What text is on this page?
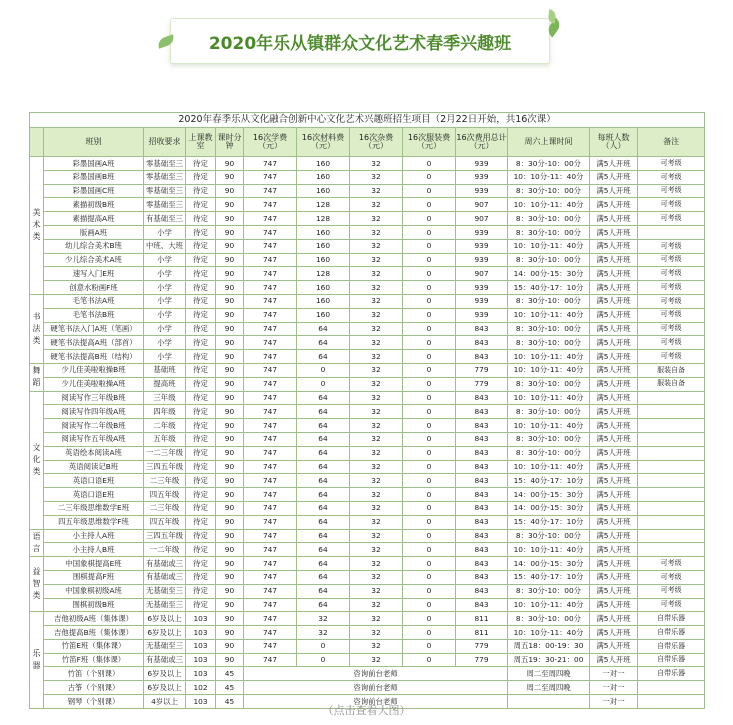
2020年乐从镇群众文化艺术春季兴趣班
2020年春季乐从文化融合创新中心文化艺术兴趣班招生项目（2月22日开始，共16次课）												
	班别	招收要求	上课教室	课时分钟	16次学费（元）	16次材料费（元）	16次杂费（元）	16次服装费（元）	16次费用总计（元）	周六上课时间	每班人数（人）	备注
美术类	彩墨国画A班	零基础至三	待定	90	747	160	32	0	939	8：30分-10：00分	满5人开班	可考级
	彩墨国画B班	零基础至三	待定	90	747	160	32	0	939	10：10分-11：40分	满5人开班	可考级
	彩墨国画C班	零基础至三	待定	90	747	160	32	0	939	8：30分-10：00分	满5人开班	可考级
	素描初级B班	零基础至三	待定	90	747	128	32	0	907	10：10分-11：40分	满5人开班	可考级
	素描提高A班	有基础至三	待定	90	747	128	32	0	907	8：30分-10：00分	满5人开班	可考级
	版画A班	小学	待定	90	747	160	32	0	939	8：30分-10：00分	满5人开班	
	幼儿综合美术B班	中班、大班	待定	90	747	160	32	0	939	10：10分-11：40分	满5人开班	可考级
	少儿综合美术A班	小学	待定	90	747	160	32	0	939	8：30分-10：00分	满5人开班	可考级
	速写入门E班	小学	待定	90	747	128	32	0	907	14：00分-15：30分	满5人开班	可考级
	创意水粉画F班	小学	待定	90	747	160	32	0	939	15：40分-17：10分	满5人开班	可考级
书法类	毛笔书法A班	小学	待定	90	747	160	32	0	939	8：30分-10：00分	满5人开班	可考级
	毛笔书法B班	小学	待定	90	747	160	32	0	939	10：10分-11：40分	满5人开班	可考级
	硬笔书法入门A班（笔画）	小学	待定	90	747	64	32	0	843	8：30分-10：00分	满5人开班	可考级
	硬笔书法提高A班（部首）	小学	待定	90	747	64	32	0	843	8：30分-10：00分	满5人开班	可考级
	硬笔书法提高B班（结构）	小学	待定	90	747	64	32	0	843	10：10分-11：40分	满5人开班	可考级
舞蹈	少儿佳美啦啦操B班	基础班	待定	90	747	0	32	0	779	10：10分-11：40分	满5人开班	服装自备
	少儿佳美啦啦操A班	提高班	待定	90	747	0	32	0	779	8：30分-10：00分	满5人开班	服装自备
文化类	阅读写作三年级B班	三年级	待定	90	747	64	32	0	843	10：10分-11：40分	满5人开班	
	阅读写作四年级A班	四年级	待定	90	747	64	32	0	843	8：30分-10：00分	满5人开班	
	阅读写作二年级B班	二年级	待定	90	747	64	32	0	843	10：10分-11：40分	满5人开班	
	阅读写作五年级A班	五年级	待定	90	747	64	32	0	843	8：30分-10：00分	满5人开班	
	英语绘本阅读A班	一二三年级	待定	90	747	64	32	0	843	8：30分-10：00分	满5人开班	
	英语阅读记B班	三四五年级	待定	90	747	64	32	0	843	10：10分-11：40分	满5人开班	
	英语口语E班	二三年级	待定	90	747	64	32	0	843	15：40分-17：10分	满5人开班	
	英语口语E班	四五年级	待定	90	747	64	32	0	843	14：00分-15：30分	满5人开班	
	二三年级思维数学E班	二三年级	待定	90	747	64	32	0	843	14：00分-15：30分	满5人开班	
	四五年级思维数学F班	四五年级	待定	90	747	64	32	0	843	15：40分-17：10分	满5人开班	
语言	小主持人A班	三四五年级	待定	90	747	64	32	0	843	8：30分-10：00分	满5人开班	
	小主持人B班	一二年级	待定	90	747	64	32	0	843	10：10分-11：40分	满5人开班	
益智类	中国象棋提高E班	有基础或三	待定	90	747	64	32	0	843	14：00分-15：30分	满5人开班	可考级
	围棋提高F班	有基础或三	待定	90	747	64	32	0	843	15：40分-17：10分	满5人开班	可考级
	中国象棋初级A班	无基础至三	待定	90	747	64	32	0	843	8：30分-10：00分	满5人开班	可考级
	围棋初级B班	无基础至三	待定	90	747	64	32	0	843	10：10分-11：40分	满5人开班	可考级
乐器	吉他初级A班（集体课）	6岁及以上	103	90	747	32	32	0	811	8：30分-10：00分	满5人开班	自带乐器
	吉他提高B班（集体课）	6岁及以上	103	90	747	32	32	0	811	10：10分-11：40分	满5人开班	自带乐器
	竹笛E班（集体课）	无基础至三	103	90	747	0	32	0	779	周五18：00-19：30	满5人开班	自带乐器
	竹笛F班（集体课）	有基础或三	103	90	747	0	32	0	779	周五19：30-21：00	满5人开班	自带乐器
	竹笛（个别课）	6岁及以上	103	45	咨询前台老师					周二至周四晚	一对一	自带乐器
	古筝（个别课）	6岁及以上	102	45	咨询前台老师					周二至周四晚	一对一	
	钢琴（个别课）	4岁以上	103	45	咨询前台老师						一对一	
（点击查看大图）
